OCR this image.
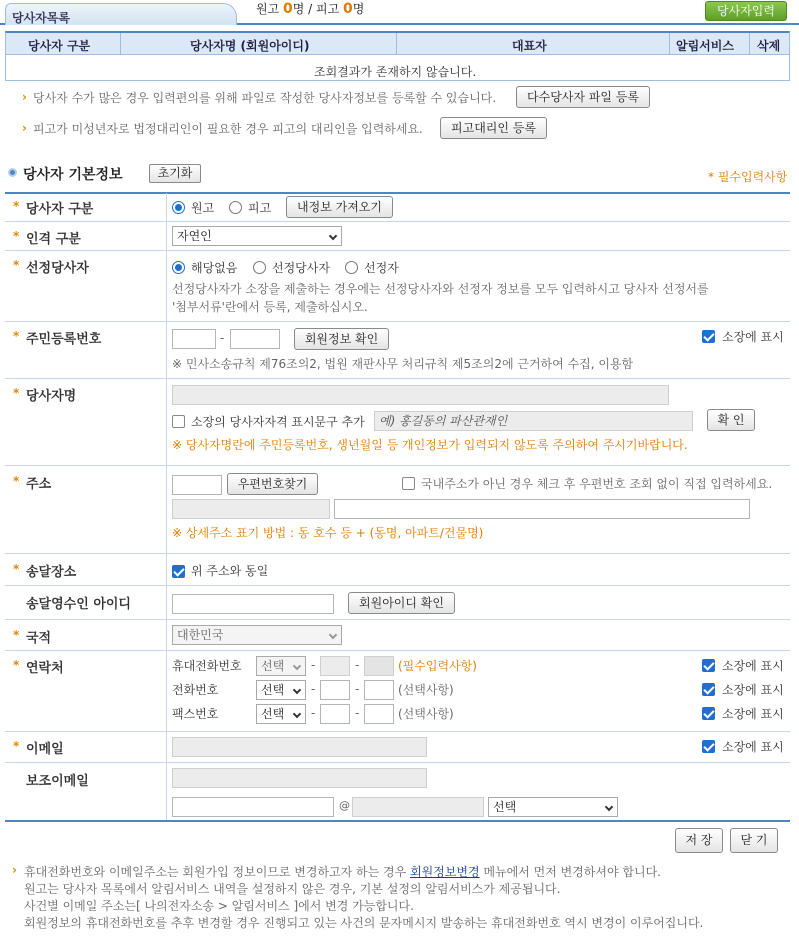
당사자목록
원고 0명 / 피고 0명	당사자입력
당사자 구분	당사자명 (회원아이디)	대표자	알림서비스 삭제
조회결과가 존재하지 않습니다.
› 당사자 수가 많은 경우 입력편의를 위해 파일로 작성한 당사자정보를 등록할 수 있습니다.	다수당사자 파일 등록
› 피고가 미성년자로 법정대리인이 필요한 경우 피고의 대리인을 입력하세요.	피고대리인 등록
당사자 기본정보	초기화	* 필수입력사항
* 당사자 구분	원고	피고	내정보 가져오기
* 인격 구분	자연인
* 선정당사자	해당없음	선정당사자	선정자
선정당사자가 소장을 제출하는 경우에는 선정당사자와 선정자 정보를 모두 입력하시고 당사자 선정서를
'첨부서류'란에서 등록, 제출하십시오.
* 주민등록번호	-	회원정보 확인	소장에 표시
※ 민사소송규칙 제76조의2, 법원 재판사무 처리규칙 제5조의2에 근거하여 수집, 이용함
* 당사자명
소장의 당사자자격 표시문구 추가	예) 홍길동의 파산관재인	확 인
※ 당사자명란에 주민등록번호, 생년월일 등 개인정보가 입력되지 않도록 주의하여 주시기바랍니다.
* 주소	우편번호찾기	국내주소가 아닌 경우 체크 후 우편번호 조회 없이 직접 입력하세요.
※ 상세주소 표기 방법 : 동 호수 등 + (동명, 아파트/건물명)
* 송달장소	위 주소와 동일
송달영수인 아이디	회원아이디 확인
* 국적	대한민국
* 연락처	휴대전화번호	선택	-	-	(필수입력사항)	소장에 표시
전화번호	선택	-	-	(선택사항)	소장에 표시
팩스번호	선택	-	-	(선택사항)	소장에 표시
* 이메일	소장에 표시
보조이메일
@	선택
저 장	닫 기
› 휴대전화번호와 이메일주소는 회원가입 정보이므로 변경하고자 하는 경우 회원정보변경 메뉴에서 먼저 변경하셔야 합니다.
원고는 당사자 목록에서 알림서비스 내역을 설정하지 않은 경우, 기본 설정의 알림서비스가 제공됩니다.
사건별 이메일 주소는[ 나의전자소송 > 알림서비스 ]에서 변경 가능합니다.
회원정보의 휴대전화번호를 추후 변경할 경우 진행되고 있는 사건의 문자메시지 발송하는 휴대전화번호 역시 변경이 이루어집니다.
